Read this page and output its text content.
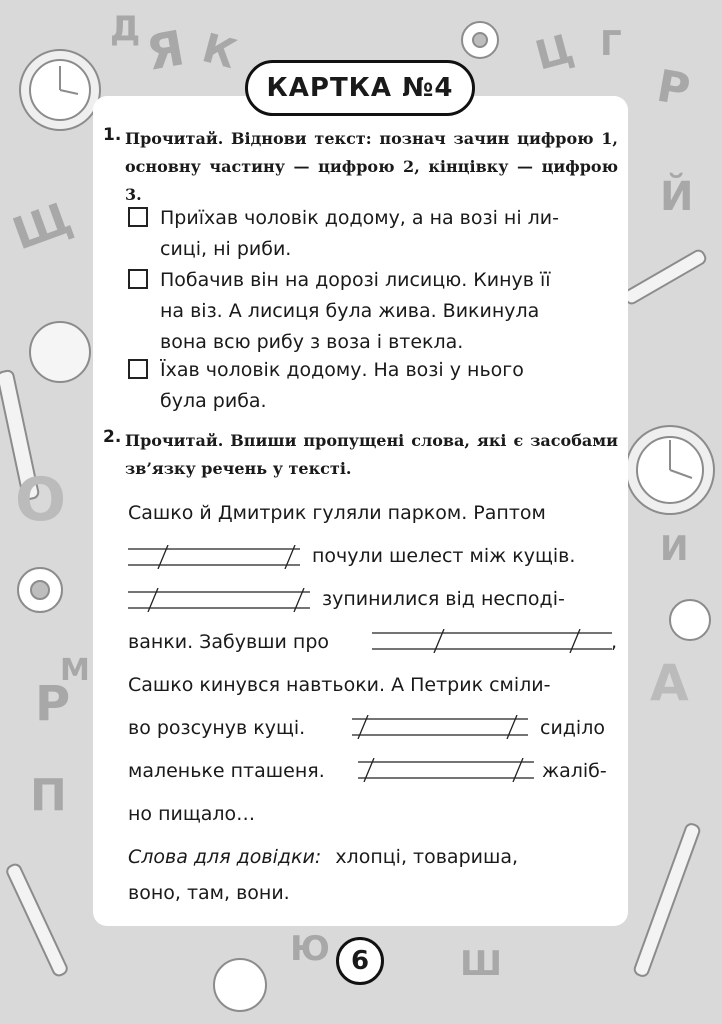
Я К
Д	Ц Г
Р
Щ
О
Р
П
Й
А
Ю	Ш
И
М
КАРТКА №4
1. Прочитай. Віднови текст: познач зачин цифрою 1, основну частину — цифрою 2, кінцівку — цифрою 3.
Приїхав чоловік додому, а на возі ні ли-
сиці, ні риби.
Побачив він на дорозі лисицю. Кинув її
на віз. А лисиця була жива. Викинула
вона всю рибу з воза і втекла.
Їхав чоловік додому. На возі у нього
була риба.
2. Прочитай. Впиши пропущені слова, які є засобами зв’язку речень у тексті.
Сашко й Дмитрик гуляли парком. Раптом
почули шелест між кущів.
зупинилися від несподі-
ванки. Забувши про	,
Сашко кинувся навтьоки. А Петрик сміли-
во розсунув кущі.	сиділо
маленьке пташеня.	жаліб-
но пищало…
Слова для довідки: хлопці, товариша,
воно, там, вони.
6
